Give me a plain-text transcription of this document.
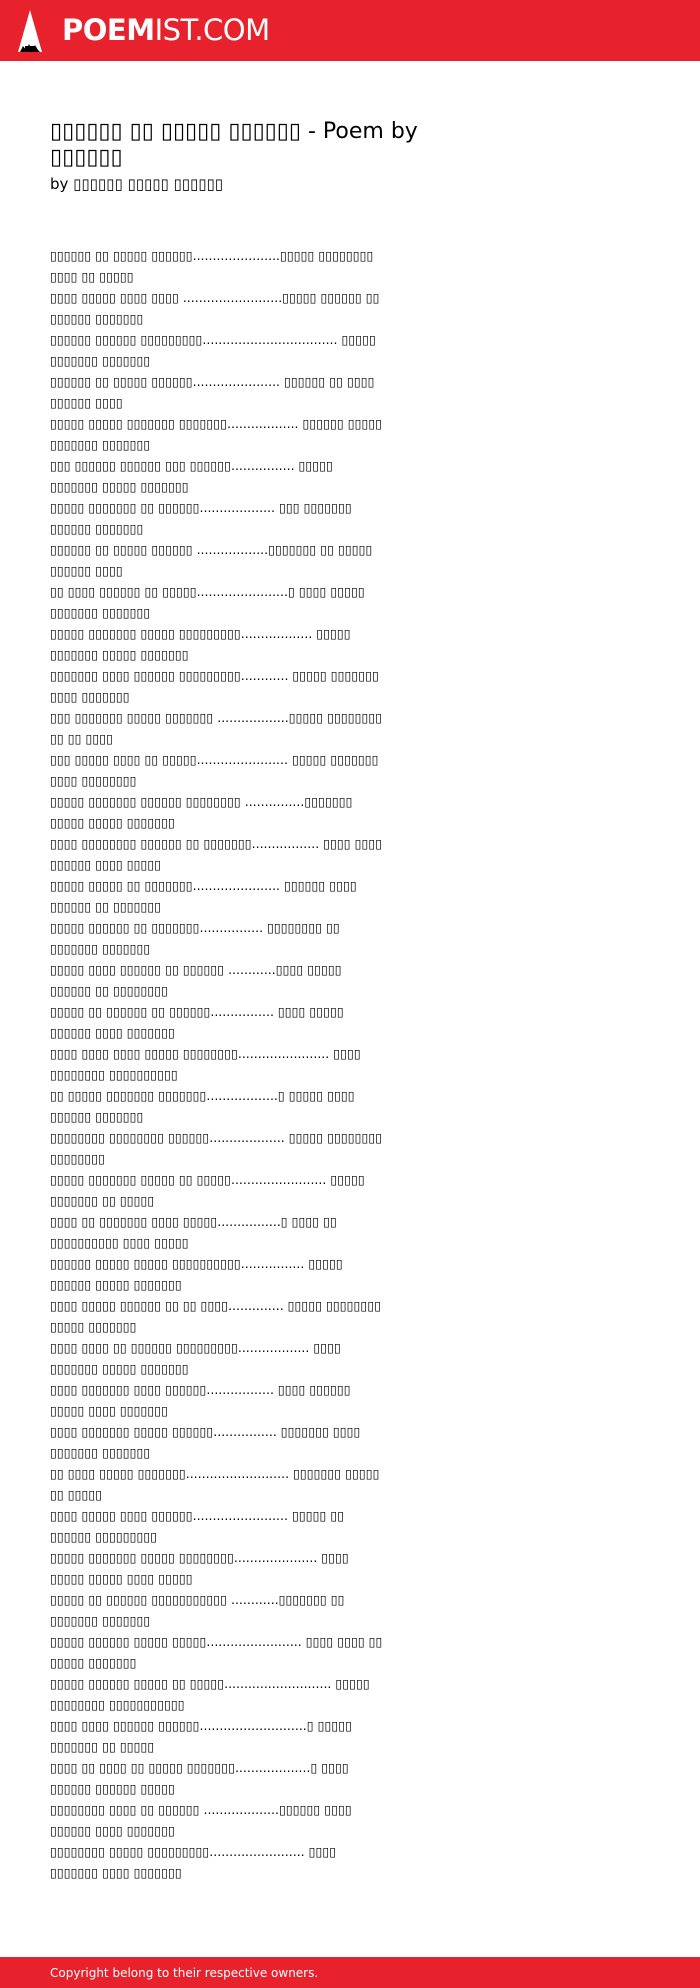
POEMIST.COM
▯▯▯▯▯▯ ▯▯ ▯▯▯▯▯ ▯▯▯▯▯▯ - Poem by ▯▯▯▯▯▯
by ▯▯▯▯▯▯ ▯▯▯▯▯ ▯▯▯▯▯▯
▯▯▯▯▯▯ ▯▯ ▯▯▯▯▯ ▯▯▯▯▯▯......................▯▯▯▯▯ ▯▯▯▯▯▯▯▯ ▯▯▯▯ ▯▯ ▯▯▯▯▯
▯▯▯▯ ▯▯▯▯▯ ▯▯▯▯ ▯▯▯▯ .........................▯▯▯▯▯ ▯▯▯▯▯▯ ▯▯ ▯▯▯▯▯▯ ▯▯▯▯▯▯▯
▯▯▯▯▯▯ ▯▯▯▯▯▯ ▯▯▯▯▯▯▯▯▯.................................. ▯▯▯▯▯ ▯▯▯▯▯▯▯ ▯▯▯▯▯▯▯
▯▯▯▯▯▯ ▯▯ ▯▯▯▯▯ ▯▯▯▯▯▯...................... ▯▯▯▯▯▯ ▯▯ ▯▯▯▯ ▯▯▯▯▯▯ ▯▯▯▯
▯▯▯▯▯ ▯▯▯▯▯ ▯▯▯▯▯▯▯ ▯▯▯▯▯▯▯.................. ▯▯▯▯▯▯ ▯▯▯▯▯ ▯▯▯▯▯▯▯ ▯▯▯▯▯▯▯
▯▯▯ ▯▯▯▯▯▯ ▯▯▯▯▯▯ ▯▯▯ ▯▯▯▯▯▯................ ▯▯▯▯▯ ▯▯▯▯▯▯▯ ▯▯▯▯▯ ▯▯▯▯▯▯▯
▯▯▯▯▯ ▯▯▯▯▯▯▯ ▯▯ ▯▯▯▯▯▯................... ▯▯▯ ▯▯▯▯▯▯▯ ▯▯▯▯▯▯ ▯▯▯▯▯▯▯
▯▯▯▯▯▯ ▯▯ ▯▯▯▯▯ ▯▯▯▯▯▯ ..................▯▯▯▯▯▯▯ ▯▯ ▯▯▯▯▯ ▯▯▯▯▯▯ ▯▯▯▯
▯▯ ▯▯▯▯ ▯▯▯▯▯▯ ▯▯ ▯▯▯▯▯.......................▯ ▯▯▯▯ ▯▯▯▯▯ ▯▯▯▯▯▯▯ ▯▯▯▯▯▯▯
▯▯▯▯▯ ▯▯▯▯▯▯▯ ▯▯▯▯▯ ▯▯▯▯▯▯▯▯▯.................. ▯▯▯▯▯ ▯▯▯▯▯▯▯ ▯▯▯▯▯ ▯▯▯▯▯▯▯
▯▯▯▯▯▯▯ ▯▯▯▯ ▯▯▯▯▯▯ ▯▯▯▯▯▯▯▯▯............ ▯▯▯▯▯ ▯▯▯▯▯▯▯ ▯▯▯▯ ▯▯▯▯▯▯▯
▯▯▯ ▯▯▯▯▯▯▯ ▯▯▯▯▯ ▯▯▯▯▯▯▯ ..................▯▯▯▯▯ ▯▯▯▯▯▯▯▯ ▯▯ ▯▯ ▯▯▯▯
▯▯▯ ▯▯▯▯▯ ▯▯▯▯ ▯▯ ▯▯▯▯▯....................... ▯▯▯▯▯ ▯▯▯▯▯▯▯ ▯▯▯▯ ▯▯▯▯▯▯▯▯
▯▯▯▯▯ ▯▯▯▯▯▯▯ ▯▯▯▯▯▯ ▯▯▯▯▯▯▯▯ ...............▯▯▯▯▯▯▯ ▯▯▯▯▯ ▯▯▯▯▯ ▯▯▯▯▯▯▯
▯▯▯▯ ▯▯▯▯▯▯▯▯ ▯▯▯▯▯▯ ▯▯ ▯▯▯▯▯▯▯................. ▯▯▯▯ ▯▯▯▯ ▯▯▯▯▯▯ ▯▯▯▯ ▯▯▯▯▯
▯▯▯▯▯ ▯▯▯▯▯ ▯▯ ▯▯▯▯▯▯▯...................... ▯▯▯▯▯▯ ▯▯▯▯ ▯▯▯▯▯▯ ▯▯ ▯▯▯▯▯▯▯
▯▯▯▯▯ ▯▯▯▯▯▯ ▯▯ ▯▯▯▯▯▯▯................ ▯▯▯▯▯▯▯▯ ▯▯ ▯▯▯▯▯▯▯ ▯▯▯▯▯▯▯
▯▯▯▯▯ ▯▯▯▯ ▯▯▯▯▯▯ ▯▯ ▯▯▯▯▯▯ ............▯▯▯▯ ▯▯▯▯▯ ▯▯▯▯▯▯ ▯▯ ▯▯▯▯▯▯▯▯
▯▯▯▯▯ ▯▯ ▯▯▯▯▯▯ ▯▯ ▯▯▯▯▯▯................ ▯▯▯▯ ▯▯▯▯▯ ▯▯▯▯▯▯ ▯▯▯▯ ▯▯▯▯▯▯▯
▯▯▯▯ ▯▯▯▯ ▯▯▯▯ ▯▯▯▯▯ ▯▯▯▯▯▯▯▯....................... ▯▯▯▯ ▯▯▯▯▯▯▯▯ ▯▯▯▯▯▯▯▯▯▯
▯▯ ▯▯▯▯▯ ▯▯▯▯▯▯▯ ▯▯▯▯▯▯▯..................▯ ▯▯▯▯▯ ▯▯▯▯ ▯▯▯▯▯▯ ▯▯▯▯▯▯▯
▯▯▯▯▯▯▯▯ ▯▯▯▯▯▯▯▯ ▯▯▯▯▯▯................... ▯▯▯▯▯ ▯▯▯▯▯▯▯▯ ▯▯▯▯▯▯▯▯
▯▯▯▯▯ ▯▯▯▯▯▯▯ ▯▯▯▯▯ ▯▯ ▯▯▯▯▯........................ ▯▯▯▯▯ ▯▯▯▯▯▯▯ ▯▯ ▯▯▯▯▯
▯▯▯▯ ▯▯ ▯▯▯▯▯▯▯ ▯▯▯▯ ▯▯▯▯▯................▯ ▯▯▯▯ ▯▯ ▯▯▯▯▯▯▯▯▯▯ ▯▯▯▯ ▯▯▯▯▯
▯▯▯▯▯▯ ▯▯▯▯▯ ▯▯▯▯▯ ▯▯▯▯▯▯▯▯▯▯................ ▯▯▯▯▯ ▯▯▯▯▯▯ ▯▯▯▯▯ ▯▯▯▯▯▯▯
▯▯▯▯ ▯▯▯▯▯ ▯▯▯▯▯▯ ▯▯ ▯▯ ▯▯▯▯.............. ▯▯▯▯▯ ▯▯▯▯▯▯▯▯ ▯▯▯▯▯ ▯▯▯▯▯▯▯
▯▯▯▯ ▯▯▯▯ ▯▯ ▯▯▯▯▯▯ ▯▯▯▯▯▯▯▯▯.................. ▯▯▯▯ ▯▯▯▯▯▯▯ ▯▯▯▯▯ ▯▯▯▯▯▯▯
▯▯▯▯ ▯▯▯▯▯▯▯ ▯▯▯▯ ▯▯▯▯▯▯................. ▯▯▯▯ ▯▯▯▯▯▯ ▯▯▯▯▯ ▯▯▯▯ ▯▯▯▯▯▯▯
▯▯▯▯ ▯▯▯▯▯▯▯ ▯▯▯▯▯ ▯▯▯▯▯▯................ ▯▯▯▯▯▯▯ ▯▯▯▯ ▯▯▯▯▯▯▯ ▯▯▯▯▯▯▯
▯▯ ▯▯▯▯ ▯▯▯▯▯ ▯▯▯▯▯▯▯.......................... ▯▯▯▯▯▯▯ ▯▯▯▯▯ ▯▯ ▯▯▯▯▯
▯▯▯▯ ▯▯▯▯▯ ▯▯▯▯ ▯▯▯▯▯▯........................ ▯▯▯▯▯ ▯▯ ▯▯▯▯▯▯ ▯▯▯▯▯▯▯▯▯
▯▯▯▯▯ ▯▯▯▯▯▯▯ ▯▯▯▯▯ ▯▯▯▯▯▯▯▯..................... ▯▯▯▯ ▯▯▯▯▯ ▯▯▯▯▯ ▯▯▯▯ ▯▯▯▯▯
▯▯▯▯▯ ▯▯ ▯▯▯▯▯▯ ▯▯▯▯▯▯▯▯▯▯▯ ............▯▯▯▯▯▯▯ ▯▯ ▯▯▯▯▯▯▯ ▯▯▯▯▯▯▯
▯▯▯▯▯ ▯▯▯▯▯▯ ▯▯▯▯▯ ▯▯▯▯▯........................ ▯▯▯▯ ▯▯▯▯ ▯▯ ▯▯▯▯▯ ▯▯▯▯▯▯▯
▯▯▯▯▯ ▯▯▯▯▯▯ ▯▯▯▯▯ ▯▯ ▯▯▯▯▯........................... ▯▯▯▯▯ ▯▯▯▯▯▯▯▯ ▯▯▯▯▯▯▯▯▯▯▯
▯▯▯▯ ▯▯▯▯ ▯▯▯▯▯▯ ▯▯▯▯▯▯...........................▯ ▯▯▯▯▯ ▯▯▯▯▯▯▯ ▯▯ ▯▯▯▯▯
▯▯▯▯ ▯▯ ▯▯▯▯ ▯▯ ▯▯▯▯▯ ▯▯▯▯▯▯▯...................▯ ▯▯▯▯ ▯▯▯▯▯▯ ▯▯▯▯▯▯ ▯▯▯▯▯
▯▯▯▯▯▯▯▯ ▯▯▯▯ ▯▯ ▯▯▯▯▯▯ ...................▯▯▯▯▯▯ ▯▯▯▯ ▯▯▯▯▯▯ ▯▯▯▯ ▯▯▯▯▯▯▯
▯▯▯▯▯▯▯▯ ▯▯▯▯▯ ▯▯▯▯▯▯▯▯▯........................ ▯▯▯▯ ▯▯▯▯▯▯▯ ▯▯▯▯ ▯▯▯▯▯▯▯
Copyright belong to their respective owners.
